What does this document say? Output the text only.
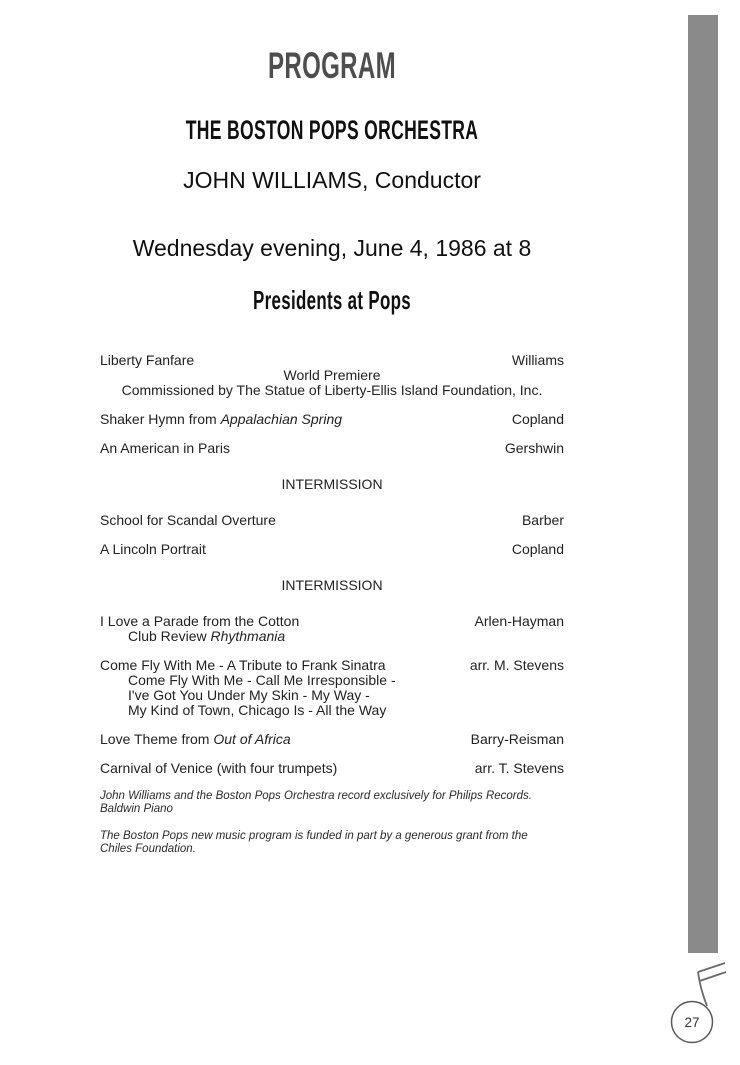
PROGRAM
THE BOSTON POPS ORCHESTRA
JOHN WILLIAMS, Conductor
Wednesday evening, June 4, 1986 at 8
Presidents at Pops
Liberty Fanfare	Williams
World Premiere
Commissioned by The Statue of Liberty-Ellis Island Foundation, Inc.
Shaker Hymn from Appalachian Spring	Copland
An American in Paris	Gershwin
INTERMISSION
School for Scandal Overture	Barber
A Lincoln Portrait	Copland
INTERMISSION
I Love a Parade from the Cotton	Arlen-Hayman
Club Review Rhythmania
Come Fly With Me - A Tribute to Frank Sinatra	arr. M. Stevens
Come Fly With Me - Call Me Irresponsible -
I've Got You Under My Skin - My Way -
My Kind of Town, Chicago Is - All the Way
Love Theme from Out of Africa	Barry-Reisman
Carnival of Venice (with four trumpets)	arr. T. Stevens

John Williams and the Boston Pops Orchestra record exclusively for Philips Records.
Baldwin Piano

The Boston Pops new music program is funded in part by a generous grant from the
Chiles Foundation.

27
